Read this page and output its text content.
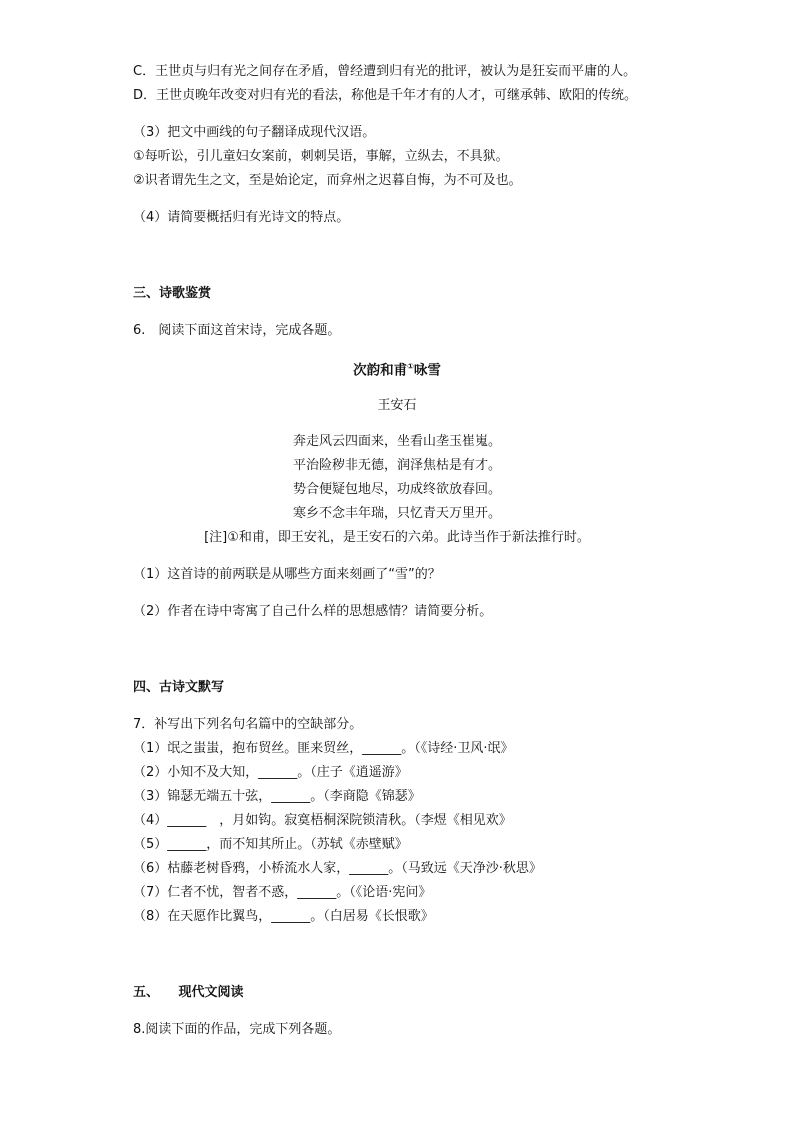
C．王世贞与归有光之间存在矛盾，曾经遭到归有光的批评，被认为是狂妄而平庸的人。
D．王世贞晚年改变对归有光的看法，称他是千年才有的人才，可继承韩、欧阳的传统。
（3）把文中画线的句子翻译成现代汉语。
①每听讼，引儿童妇女案前，刺刺吴语，事解，立纵去，不具狱。
②识者谓先生之文，至是始论定，而弇州之迟暮自悔，为不可及也。
（4）请简要概括归有光诗文的特点。
三、诗歌鉴赏
6.　阅读下面这首宋诗，完成各题。
次韵和甫①咏雪
王安石
奔走风云四面来，坐看山垄玉崔嵬。
平治险秽非无德，润泽焦枯是有才。
势合便疑包地尽，功成终欲放春回。
寒乡不念丰年瑞，只忆青天万里开。
[注]①和甫，即王安礼，是王安石的六弟。此诗当作于新法推行时。
（1）这首诗的前两联是从哪些方面来刻画了“雪”的？
（2）作者在诗中寄寓了自己什么样的思想感情？请简要分析。
四、古诗文默写
7．补写出下列名句名篇中的空缺部分。
（1）氓之蚩蚩，抱布贸丝。匪来贸丝，______。（《诗经·卫风·氓》
（2）小知不及大知，______。（庄子《逍遥游》
（3）锦瑟无端五十弦，______。（李商隐《锦瑟》
（4）______　，月如钩。寂寞梧桐深院锁清秋。（李煜《相见欢》
（5）______，而不知其所止。（苏轼《赤壁赋》
（6）枯藤老树昏鸦，小桥流水人家，______。（马致远《天净沙·秋思》
（7）仁者不忧，智者不惑，______。（《论语·宪问》
（8）在天愿作比翼鸟，______。（白居易《长恨歌》
五、　　现代文阅读
8.阅读下面的作品，完成下列各题。
